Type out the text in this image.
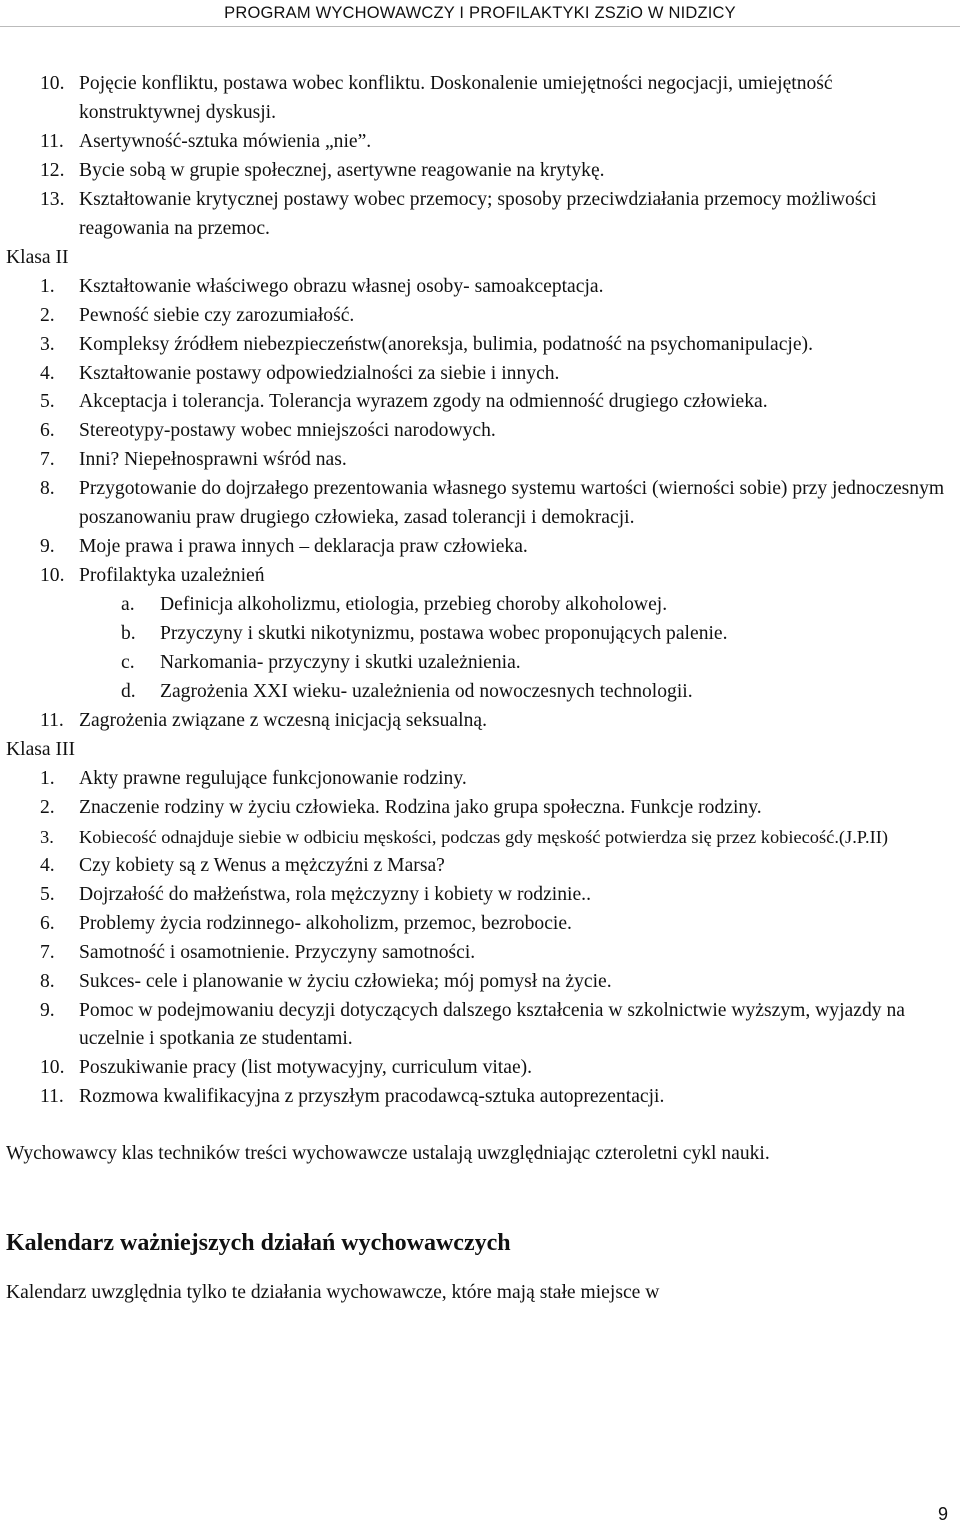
PROGRAM WYCHOWAWCZY I PROFILAKTYKI ZSZiO W NIDZICY
10. Pojęcie konfliktu, postawa wobec konfliktu. Doskonalenie umiejętności negocjacji, umiejętność konstruktywnej dyskusji.
11. Asertywność-sztuka mówienia „nie”.
12. Bycie sobą w grupie społecznej, asertywne reagowanie na krytykę.
13. Kształtowanie krytycznej postawy wobec przemocy; sposoby przeciwdziałania przemocy możliwości reagowania na przemoc.
Klasa II
1. Kształtowanie właściwego obrazu własnej osoby- samoakceptacja.
2. Pewność siebie czy zarozumiałość.
3. Kompleksy źródłem niebezpieczeństw(anoreksja, bulimia, podatność na psychomanipulacje).
4. Kształtowanie postawy odpowiedzialności za siebie i innych.
5. Akceptacja i tolerancja. Tolerancja wyrazem zgody na odmienność drugiego człowieka.
6. Stereotypy-postawy wobec mniejszości narodowych.
7. Inni? Niepełnosprawni wśród nas.
8. Przygotowanie do dojrzałego prezentowania własnego systemu wartości (wierności sobie) przy jednoczesnym poszanowaniu praw drugiego człowieka, zasad tolerancji i demokracji.
9. Moje prawa i prawa innych – deklaracja praw człowieka.
10. Profilaktyka uzależnień
a. Definicja alkoholizmu, etiologia, przebieg choroby alkoholowej.
b. Przyczyny i skutki nikotynizmu, postawa wobec proponujących palenie.
c. Narkomania- przyczyny i skutki uzależnienia.
d. Zagrożenia XXI wieku- uzależnienia od nowoczesnych technologii.
11. Zagrożenia związane z wczesną inicjacją seksualną.
Klasa III
1. Akty prawne regulujące funkcjonowanie rodziny.
2. Znaczenie rodziny w życiu człowieka. Rodzina jako grupa społeczna. Funkcje rodziny.
3. Kobiecość odnajduje siebie w odbiciu męskości, podczas gdy męskość potwierdza się przez kobiecość.(J.P.II)
4. Czy kobiety są z Wenus a mężczyźni z Marsa?
5. Dojrzałość do małżeństwa, rola mężczyzny i kobiety w rodzinie..
6. Problemy życia rodzinnego- alkoholizm, przemoc, bezrobocie.
7. Samotność i osamotnienie. Przyczyny samotności.
8. Sukces- cele i planowanie w życiu człowieka; mój pomysł na życie.
9. Pomoc w podejmowaniu decyzji dotyczących dalszego kształcenia w szkolnictwie wyższym, wyjazdy na uczelnie i spotkania ze studentami.
10. Poszukiwanie pracy (list motywacyjny, curriculum vitae).
11. Rozmowa kwalifikacyjna z przyszłym pracodawcą-sztuka autoprezentacji.
Wychowawcy klas techników treści wychowawcze ustalają uwzględniając czteroletni cykl nauki.
Kalendarz ważniejszych działań wychowawczych
Kalendarz uwzględnia tylko te działania wychowawcze, które mają stałe miejsce w
9
